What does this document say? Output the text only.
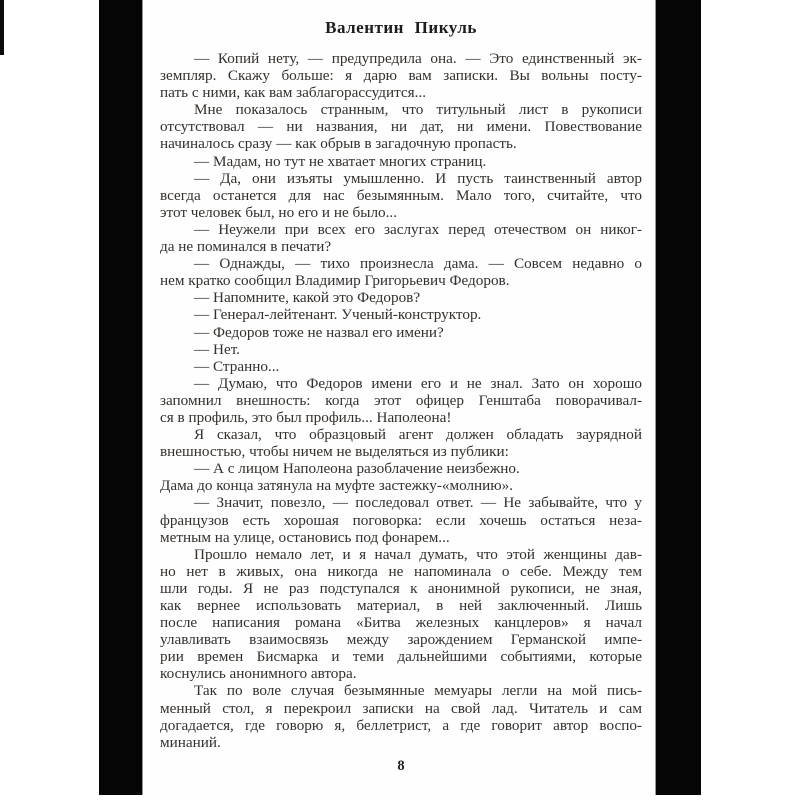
Валентин Пикуль
— Копий нету, — предупредила она. — Это единственный эк-
земпляр. Скажу больше: я дарю вам записки. Вы вольны посту-
пать с ними, как вам заблагорассудится...
Мне показалось странным, что титульный лист в рукописи
отсутствовал — ни названия, ни дат, ни имени. Повествование
начиналось сразу — как обрыв в загадочную пропасть.
— Мадам, но тут не хватает многих страниц.
— Да, они изъяты умышленно. И пусть таинственный автор
всегда останется для нас безымянным. Мало того, считайте, что
этот человек был, но его и не было...
— Неужели при всех его заслугах перед отечеством он никог-
да не поминался в печати?
— Однажды, — тихо произнесла дама. — Совсем недавно о
нем кратко сообщил Владимир Григорьевич Федоров.
— Напомните, какой это Федоров?
— Генерал-лейтенант. Ученый-конструктор.
— Федоров тоже не назвал его имени?
— Нет.
— Странно...
— Думаю, что Федоров имени его и не знал. Зато он хорошо
запомнил внешность: когда этот офицер Генштаба поворачивал-
ся в профиль, это был профиль... Наполеона!
Я сказал, что образцовый агент должен обладать заурядной
внешностью, чтобы ничем не выделяться из публики:
— А с лицом Наполеона разоблачение неизбежно.
Дама до конца затянула на муфте застежку-«молнию».
— Значит, повезло, — последовал ответ. — Не забывайте, что у
французов есть хорошая поговорка: если хочешь остаться неза-
метным на улице, остановись под фонарем...
Прошло немало лет, и я начал думать, что этой женщины дав-
но нет в живых, она никогда не напоминала о себе. Между тем
шли годы. Я не раз подступался к анонимной рукописи, не зная,
как вернее использовать материал, в ней заключенный. Лишь
после написания романа «Битва железных канцлеров» я начал
улавливать взаимосвязь между зарождением Германской импе-
рии времен Бисмарка и теми дальнейшими событиями, которые
коснулись анонимного автора.
Так по воле случая безымянные мемуары легли на мой пись-
менный стол, я перекроил записки на свой лад. Читатель и сам
догадается, где говорю я, беллетрист, а где говорит автор воспо-
минаний.
8
